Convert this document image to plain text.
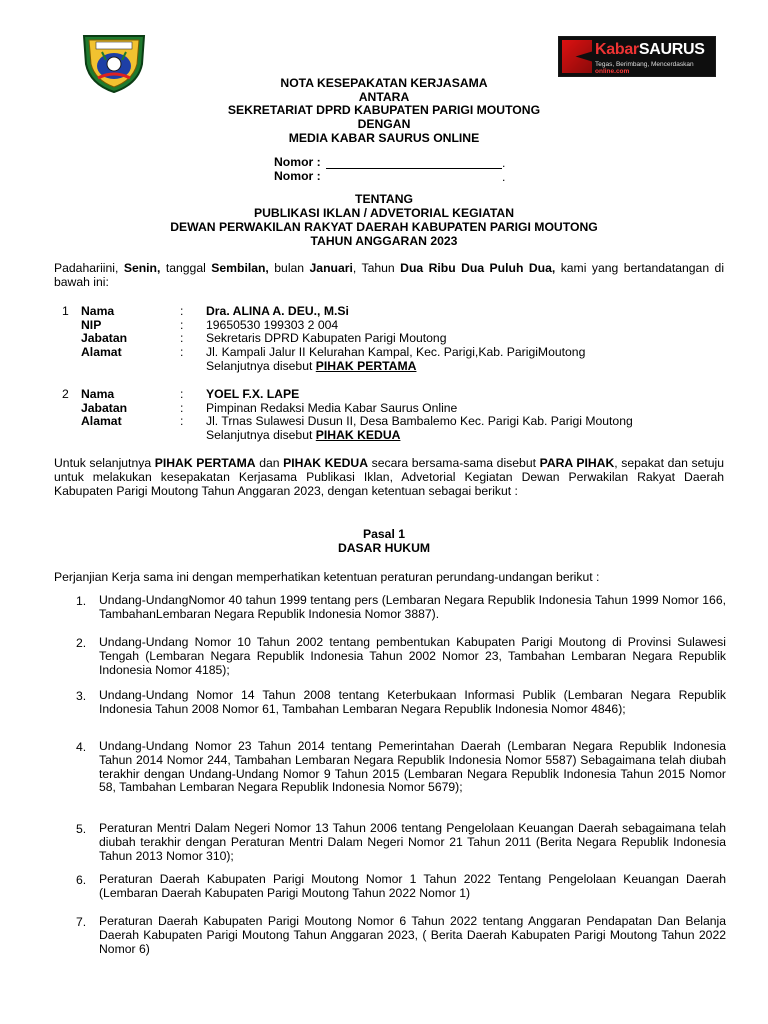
KabarSAURUS
Tegas, Berimbang, Mencerdaskan online.com
NOTA KESEPAKATAN KERJASAMA
ANTARA
SEKRETARIAT DPRD KABUPATEN PARIGI MOUTONG
DENGAN
MEDIA KABAR SAURUS ONLINE
Nomor :	.
Nomor :	.
TENTANG
PUBLIKASI IKLAN / ADVETORIAL KEGIATAN
DEWAN PERWAKILAN RAKYAT DAERAH KABUPATEN PARIGI MOUTONG
TAHUN ANGGARAN 2023
Padahariini, Senin, tanggal Sembilan, bulan Januari, Tahun Dua Ribu Dua Puluh Dua, kami yang bertandatangan di bawah ini:
1 Nama	: Dra. ALINA A. DEU., M.Si
NIP	: 19650530 199303 2 004
Jabatan	: Sekretaris DPRD Kabupaten Parigi Moutong
Alamat	: Jl. Kampali Jalur II Kelurahan Kampal, Kec. Parigi,Kab. ParigiMoutong
Selanjutnya disebut PIHAK PERTAMA
2 Nama	: YOEL F.X. LAPE
Jabatan	: Pimpinan Redaksi Media Kabar Saurus Online
Alamat	: Jl. Trnas Sulawesi Dusun II, Desa Bambalemo Kec. Parigi Kab. Parigi Moutong
Selanjutnya disebut PIHAK KEDUA
Untuk selanjutnya PIHAK PERTAMA dan PIHAK KEDUA secara bersama-sama disebut PARA PIHAK, sepakat dan setuju untuk melakukan kesepakatan Kerjasama Publikasi Iklan, Advetorial Kegiatan Dewan Perwakilan Rakyat Daerah Kabupaten Parigi Moutong Tahun Anggaran 2023, dengan ketentuan sebagai berikut :
Pasal 1
DASAR HUKUM
Perjanjian Kerja sama ini dengan memperhatikan ketentuan peraturan perundang-undangan berikut :
1. Undang-UndangNomor 40 tahun 1999 tentang pers (Lembaran Negara Republik Indonesia Tahun 1999 Nomor 166, TambahanLembaran Negara Republik Indonesia Nomor 3887).
2. Undang-Undang Nomor 10 Tahun 2002 tentang pembentukan Kabupaten Parigi Moutong di Provinsi Sulawesi Tengah (Lembaran Negara Republik Indonesia Tahun 2002 Nomor 23, Tambahan Lembaran Negara Republik Indonesia Nomor 4185);
3. Undang-Undang Nomor 14 Tahun 2008 tentang Keterbukaan Informasi Publik (Lembaran Negara Republik Indonesia Tahun 2008 Nomor 61, Tambahan Lembaran Negara Republik Indonesia Nomor 4846);
4. Undang-Undang Nomor 23 Tahun 2014 tentang Pemerintahan Daerah (Lembaran Negara Republik Indonesia Tahun 2014 Nomor 244, Tambahan Lembaran Negara Republik Indonesia Nomor 5587) Sebagaimana telah diubah terakhir dengan Undang-Undang Nomor 9 Tahun 2015 (Lembaran Negara Republik Indonesia Tahun 2015 Nomor 58, Tambahan Lembaran Negara Republik Indonesia Nomor 5679);
5. Peraturan Mentri Dalam Negeri Nomor 13 Tahun 2006 tentang Pengelolaan Keuangan Daerah sebagaimana telah diubah terakhir dengan Peraturan Mentri Dalam Negeri Nomor 21 Tahun 2011 (Berita Negara Republik Indonesia Tahun 2013 Nomor 310);
6. Peraturan Daerah Kabupaten Parigi Moutong Nomor 1 Tahun 2022 Tentang Pengelolaan Keuangan Daerah (Lembaran Daerah Kabupaten Parigi Moutong Tahun 2022 Nomor 1)
7. Peraturan Daerah Kabupaten Parigi Moutong Nomor 6 Tahun 2022 tentang Anggaran Pendapatan Dan Belanja Daerah Kabupaten Parigi Moutong Tahun Anggaran 2023, ( Berita Daerah Kabupaten Parigi Moutong Tahun 2022 Nomor 6)
